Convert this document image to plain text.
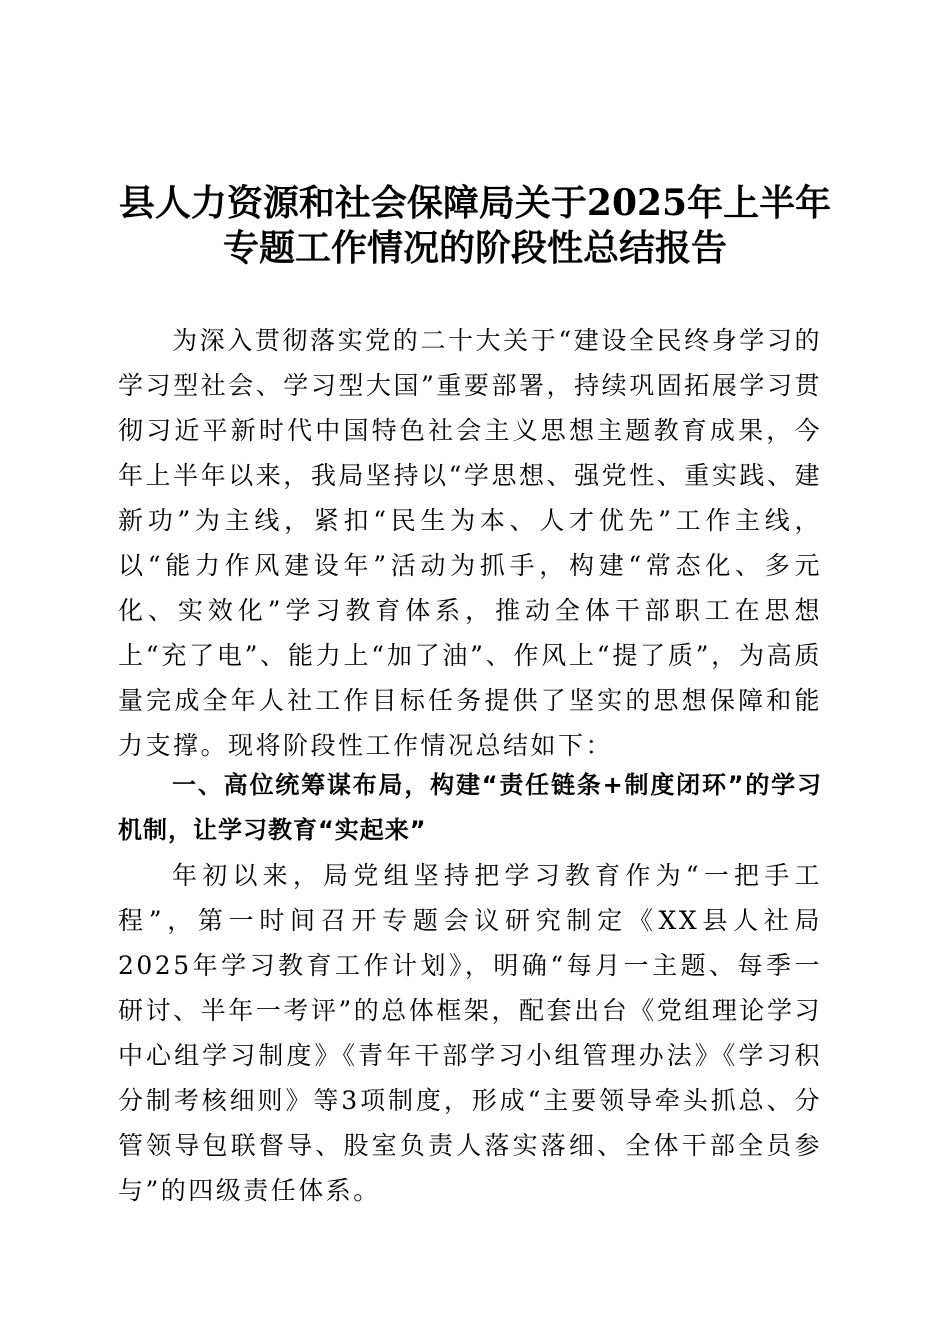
县人力资源和社会保障局关于2025年上半年
专题工作情况的阶段性总结报告

为深入贯彻落实党的二十大关于“建设全民终身学习的学习型社会、学习型大国”重要部署，持续巩固拓展学习贯彻习近平新时代中国特色社会主义思想主题教育成果，今年上半年以来，我局坚持以“学思想、强党性、重实践、建新功”为主线，紧扣“民生为本、人才优先”工作主线，以“能力作风建设年”活动为抓手，构建“常态化、多元化、实效化”学习教育体系，推动全体干部职工在思想上“充了电”、能力上“加了油”、作风上“提了质”，为高质量完成全年人社工作目标任务提供了坚实的思想保障和能力支撑。现将阶段性工作情况总结如下：

一、高位统筹谋布局，构建“责任链条+制度闭环”的学习机制，让学习教育“实起来”

年初以来，局党组坚持把学习教育作为“一把手工程”，第一时间召开专题会议研究制定《XX县人社局2025年学习教育工作计划》，明确“每月一主题、每季一研讨、半年一考评”的总体框架，配套出台《党组理论学习中心组学习制度》《青年干部学习小组管理办法》《学习积分制考核细则》等3项制度，形成“主要领导牵头抓总、分管领导包联督导、股室负责人落实落细、全体干部全员参与”的四级责任体系。
